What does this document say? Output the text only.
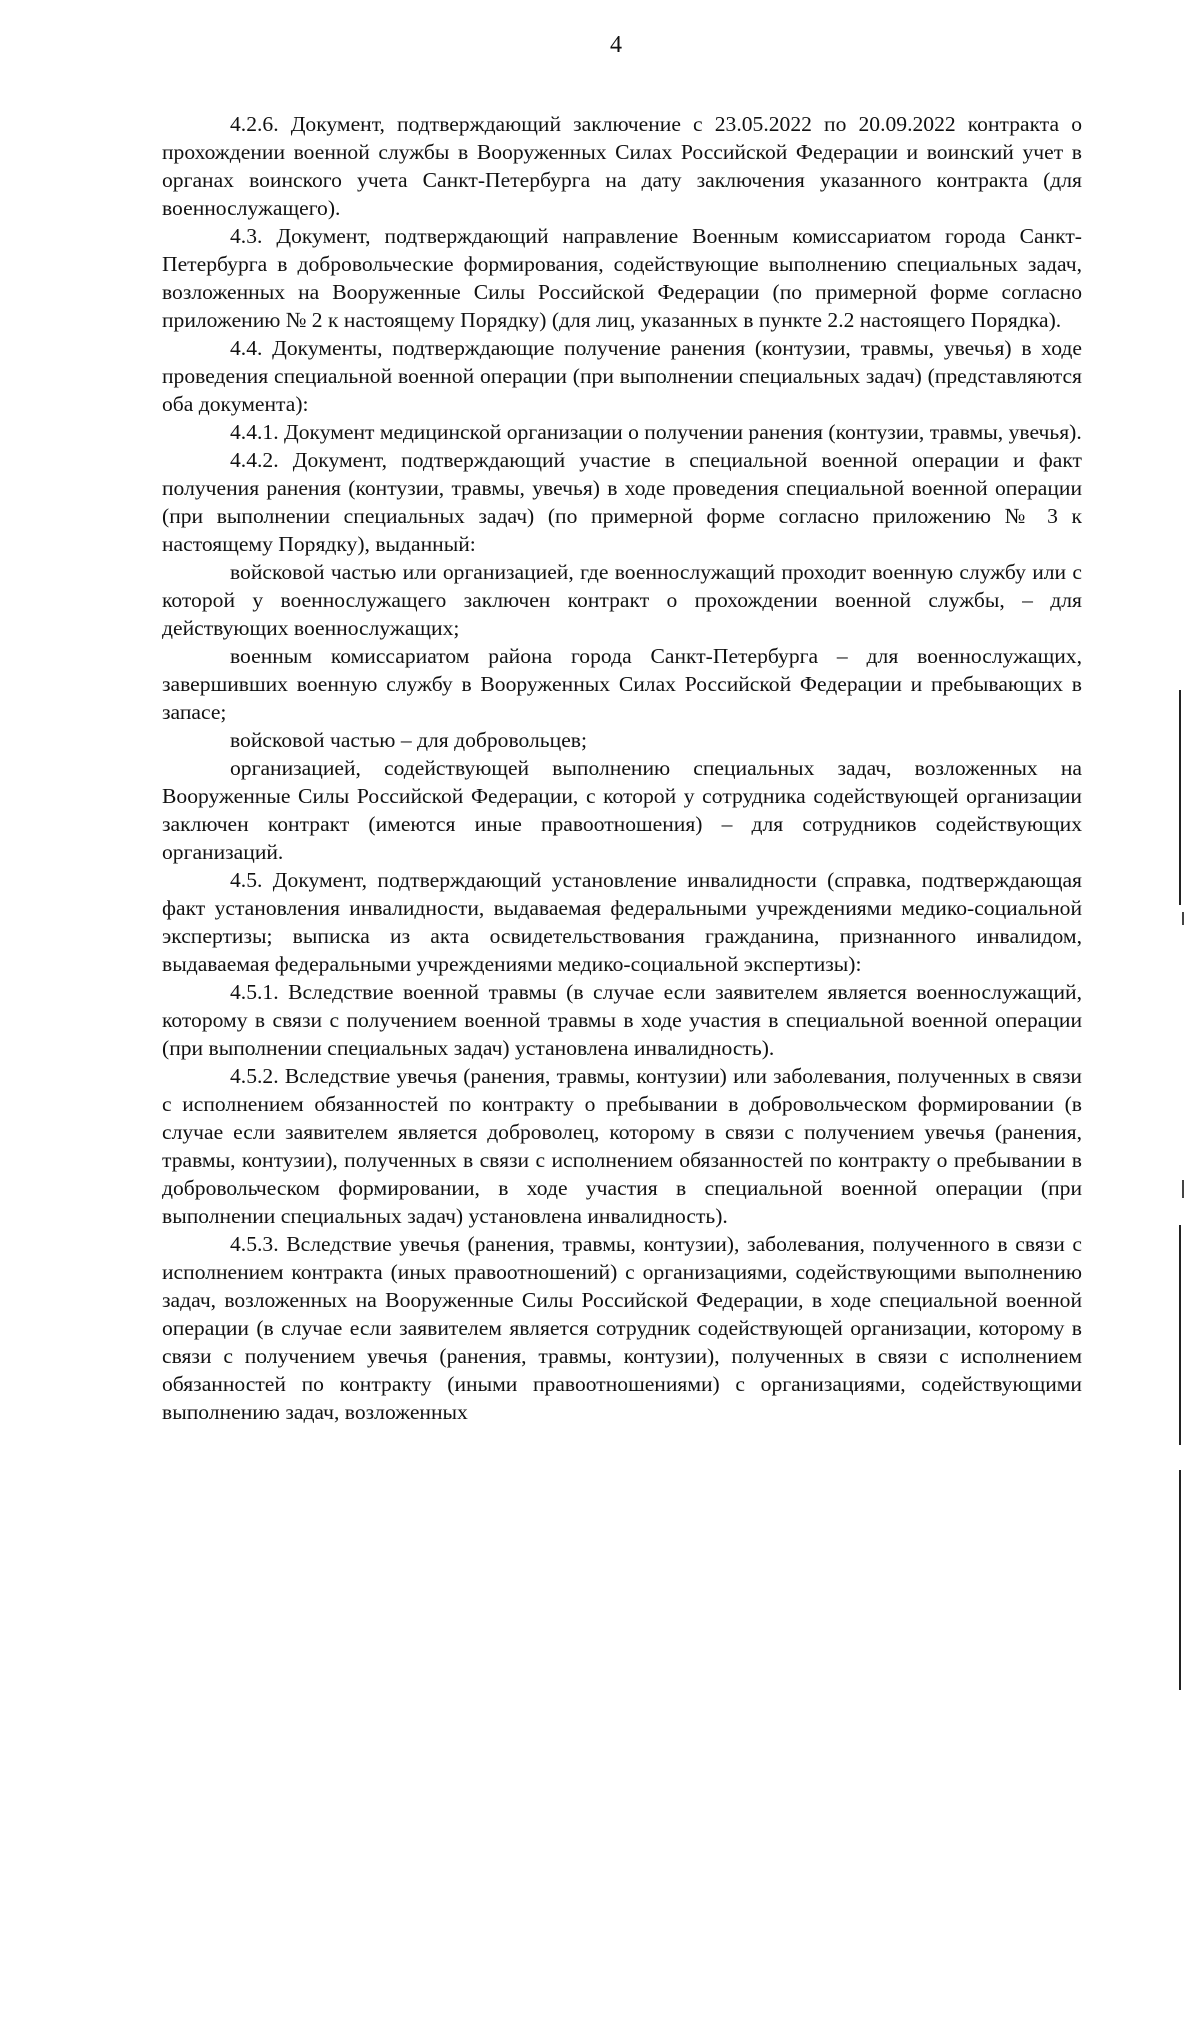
4

4.2.6. Документ, подтверждающий заключение с 23.05.2022 по 20.09.2022 контракта о прохождении военной службы в Вооруженных Силах Российской Федерации и воинский учет в органах воинского учета Санкт-Петербурга на дату заключения указанного контракта (для военнослужащего).

4.3. Документ, подтверждающий направление Военным комиссариатом города Санкт-Петербурга в добровольческие формирования, содействующие выполнению специальных задач, возложенных на Вооруженные Силы Российской Федерации (по примерной форме согласно приложению № 2 к настоящему Порядку) (для лиц, указанных в пункте 2.2 настоящего Порядка).

4.4. Документы, подтверждающие получение ранения (контузии, травмы, увечья) в ходе проведения специальной военной операции (при выполнении специальных задач) (представляются оба документа):

4.4.1. Документ медицинской организации о получении ранения (контузии, травмы, увечья).

4.4.2. Документ, подтверждающий участие в специальной военной операции и факт получения ранения (контузии, травмы, увечья) в ходе проведения специальной военной операции (при выполнении специальных задач) (по примерной форме согласно приложению № 3 к настоящему Порядку), выданный:

войсковой частью или организацией, где военнослужащий проходит военную службу или с которой у военнослужащего заключен контракт о прохождении военной службы, – для действующих военнослужащих;

военным комиссариатом района города Санкт-Петербурга – для военнослужащих, завершивших военную службу в Вооруженных Силах Российской Федерации и пребывающих в запасе;

войсковой частью – для добровольцев;

организацией, содействующей выполнению специальных задач, возложенных на Вооруженные Силы Российской Федерации, с которой у сотрудника содействующей организации заключен контракт (имеются иные правоотношения) – для сотрудников содействующих организаций.

4.5. Документ, подтверждающий установление инвалидности (справка, подтверждающая факт установления инвалидности, выдаваемая федеральными учреждениями медико-социальной экспертизы; выписка из акта освидетельствования гражданина, признанного инвалидом, выдаваемая федеральными учреждениями медико-социальной экспертизы):

4.5.1. Вследствие военной травмы (в случае если заявителем является военнослужащий, которому в связи с получением военной травмы в ходе участия в специальной военной операции (при выполнении специальных задач) установлена инвалидность).

4.5.2. Вследствие увечья (ранения, травмы, контузии) или заболевания, полученных в связи с исполнением обязанностей по контракту о пребывании в добровольческом формировании (в случае если заявителем является доброволец, которому в связи с получением увечья (ранения, травмы, контузии), полученных в связи с исполнением обязанностей по контракту о пребывании в добровольческом формировании, в ходе участия в специальной военной операции (при выполнении специальных задач) установлена инвалидность).

4.5.3. Вследствие увечья (ранения, травмы, контузии), заболевания, полученного в связи с исполнением контракта (иных правоотношений) с организациями, содействующими выполнению задач, возложенных на Вооруженные Силы Российской Федерации, в ходе специальной военной операции (в случае если заявителем является сотрудник содействующей организации, которому в связи с получением увечья (ранения, травмы, контузии), полученных в связи с исполнением обязанностей по контракту (иными правоотношениями) с организациями, содействующими выполнению задач, возложенных
